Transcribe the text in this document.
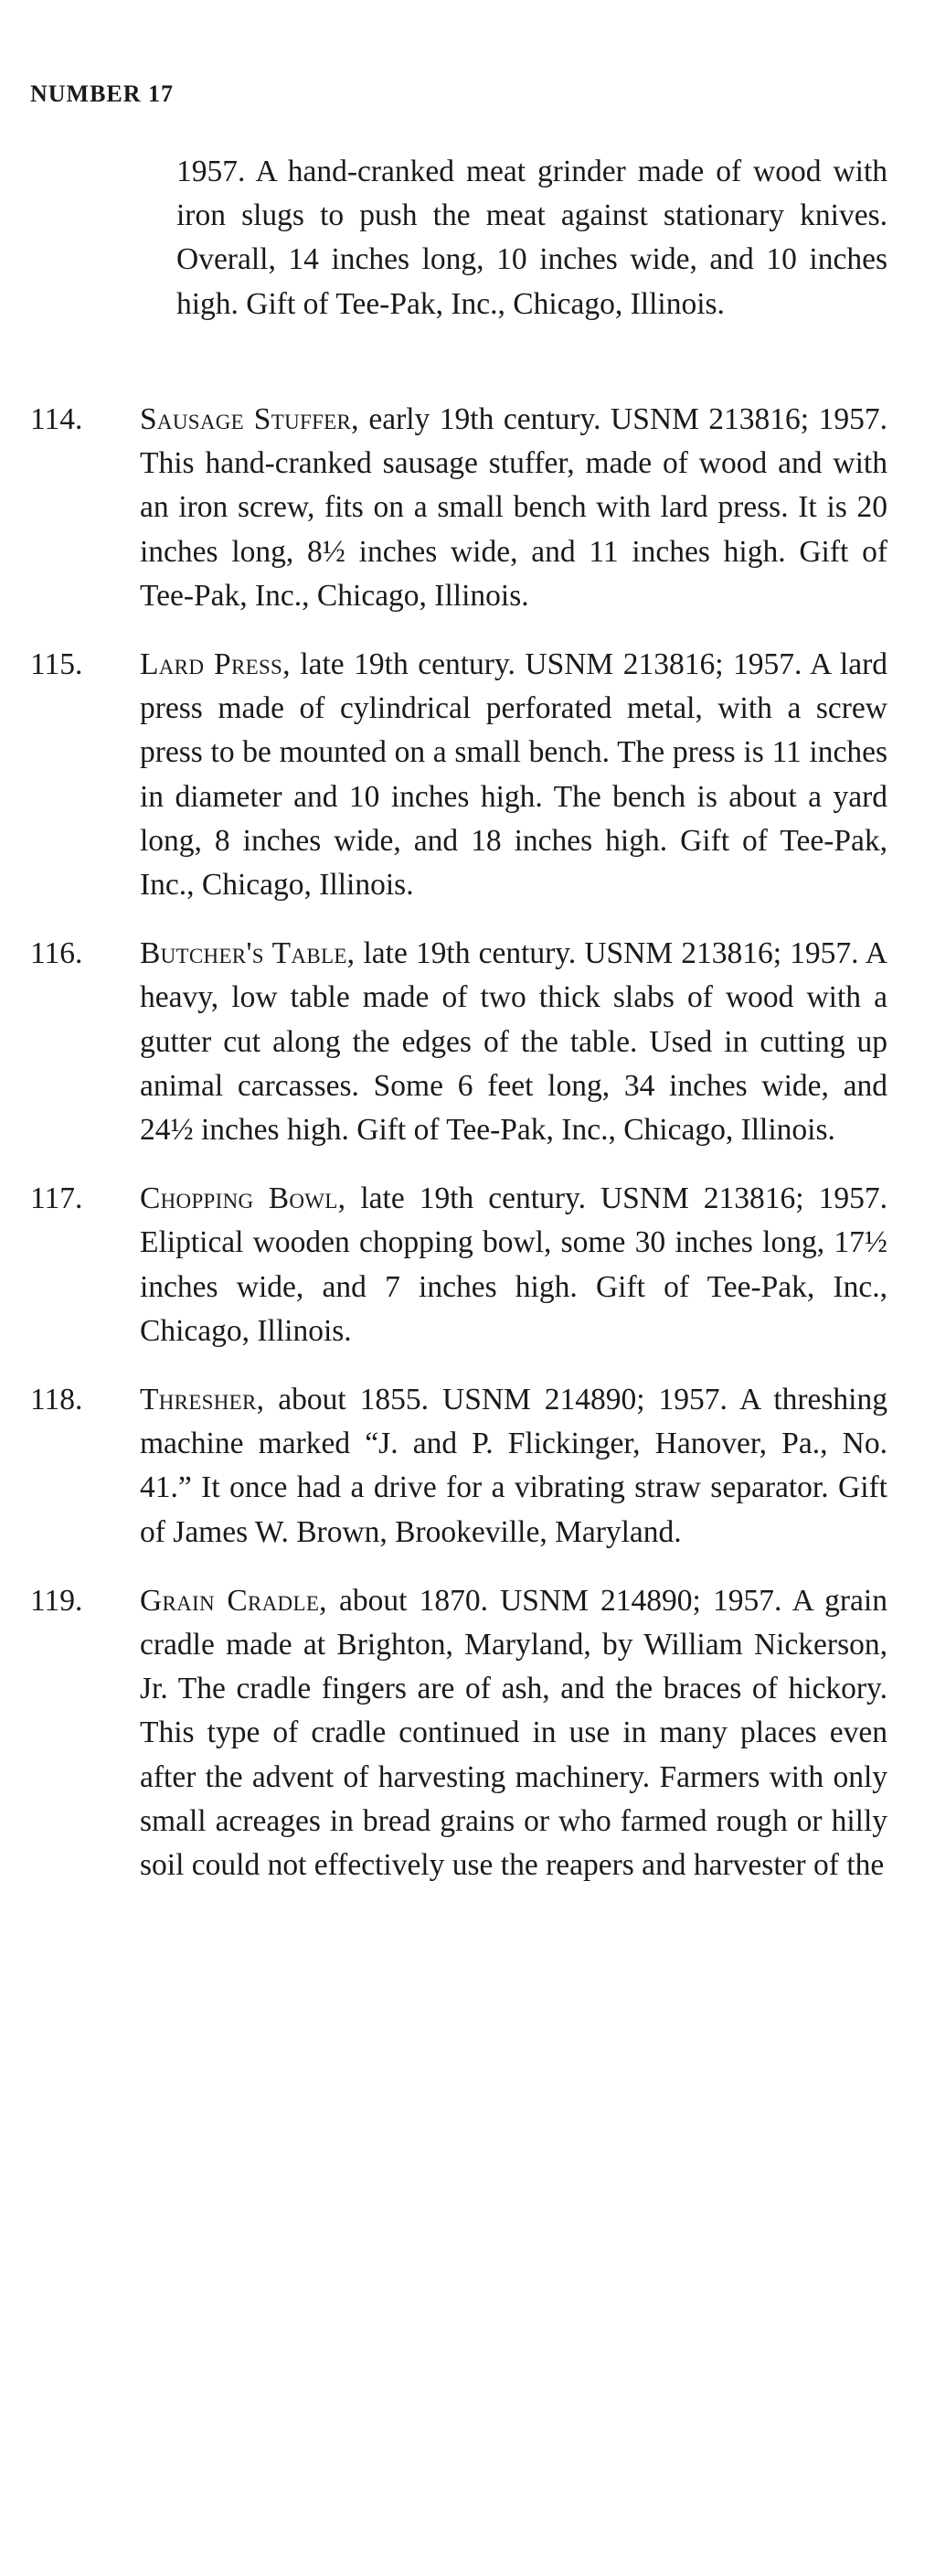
NUMBER 17
1957. A hand-cranked meat grinder made of wood with iron slugs to push the meat against stationary knives. Overall, 14 inches long, 10 inches wide, and 10 inches high. Gift of Tee-Pak, Inc., Chicago, Illinois.
114.	Sausage Stuffer, early 19th century. USNM 213816; 1957. This hand-cranked sausage stuffer, made of wood and with an iron screw, fits on a small bench with lard press. It is 20 inches long, 8½ inches wide, and 11 inches high. Gift of Tee-Pak, Inc., Chicago, Illinois.
115.	Lard Press, late 19th century. USNM 213816; 1957. A lard press made of cylindrical perforated metal, with a screw press to be mounted on a small bench. The press is 11 inches in diameter and 10 inches high. The bench is about a yard long, 8 inches wide, and 18 inches high. Gift of Tee-Pak, Inc., Chicago, Illinois.
116.	Butcher's Table, late 19th century. USNM 213816; 1957. A heavy, low table made of two thick slabs of wood with a gutter cut along the edges of the table. Used in cutting up animal carcasses. Some 6 feet long, 34 inches wide, and 24½ inches high. Gift of Tee-Pak, Inc., Chicago, Illinois.
117.	Chopping Bowl, late 19th century. USNM 213816; 1957. Eliptical wooden chopping bowl, some 30 inches long, 17½ inches wide, and 7 inches high. Gift of Tee-Pak, Inc., Chicago, Illinois.
118.	Thresher, about 1855. USNM 214890; 1957. A threshing machine marked “J. and P. Flickinger, Hanover, Pa., No. 41.” It once had a drive for a vibrating straw separator. Gift of James W. Brown, Brookeville, Maryland.
119.	Grain Cradle, about 1870. USNM 214890; 1957. A grain cradle made at Brighton, Maryland, by William Nickerson, Jr. The cradle fingers are of ash, and the braces of hickory. This type of cradle continued in use in many places even after the advent of harvesting machinery. Farmers with only small acreages in bread grains or who farmed rough or hilly soil could not effectively use the reapers and harvester of the
